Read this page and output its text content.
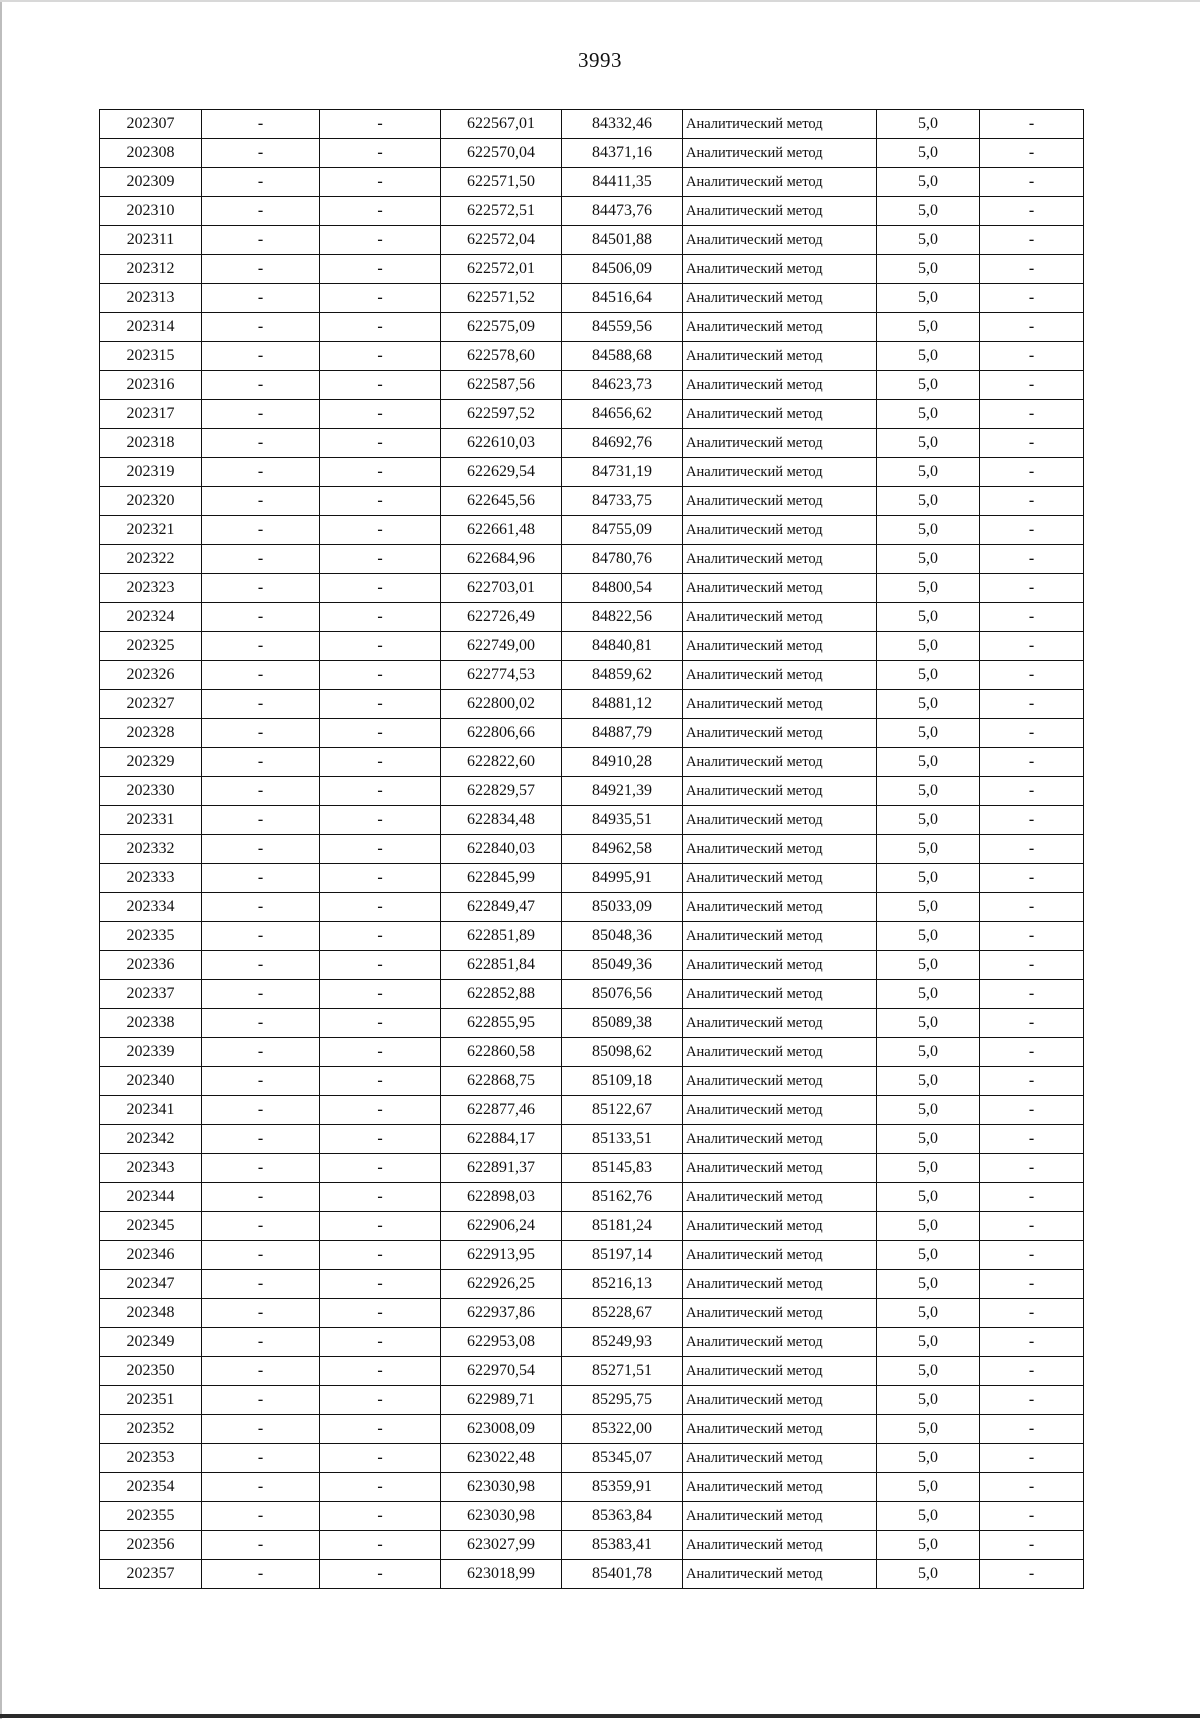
3993
202307	-	-	622567,01	84332,46	Аналитический метод	5,0	-
202308	-	-	622570,04	84371,16	Аналитический метод	5,0	-
202309	-	-	622571,50	84411,35	Аналитический метод	5,0	-
202310	-	-	622572,51	84473,76	Аналитический метод	5,0	-
202311	-	-	622572,04	84501,88	Аналитический метод	5,0	-
202312	-	-	622572,01	84506,09	Аналитический метод	5,0	-
202313	-	-	622571,52	84516,64	Аналитический метод	5,0	-
202314	-	-	622575,09	84559,56	Аналитический метод	5,0	-
202315	-	-	622578,60	84588,68	Аналитический метод	5,0	-
202316	-	-	622587,56	84623,73	Аналитический метод	5,0	-
202317	-	-	622597,52	84656,62	Аналитический метод	5,0	-
202318	-	-	622610,03	84692,76	Аналитический метод	5,0	-
202319	-	-	622629,54	84731,19	Аналитический метод	5,0	-
202320	-	-	622645,56	84733,75	Аналитический метод	5,0	-
202321	-	-	622661,48	84755,09	Аналитический метод	5,0	-
202322	-	-	622684,96	84780,76	Аналитический метод	5,0	-
202323	-	-	622703,01	84800,54	Аналитический метод	5,0	-
202324	-	-	622726,49	84822,56	Аналитический метод	5,0	-
202325	-	-	622749,00	84840,81	Аналитический метод	5,0	-
202326	-	-	622774,53	84859,62	Аналитический метод	5,0	-
202327	-	-	622800,02	84881,12	Аналитический метод	5,0	-
202328	-	-	622806,66	84887,79	Аналитический метод	5,0	-
202329	-	-	622822,60	84910,28	Аналитический метод	5,0	-
202330	-	-	622829,57	84921,39	Аналитический метод	5,0	-
202331	-	-	622834,48	84935,51	Аналитический метод	5,0	-
202332	-	-	622840,03	84962,58	Аналитический метод	5,0	-
202333	-	-	622845,99	84995,91	Аналитический метод	5,0	-
202334	-	-	622849,47	85033,09	Аналитический метод	5,0	-
202335	-	-	622851,89	85048,36	Аналитический метод	5,0	-
202336	-	-	622851,84	85049,36	Аналитический метод	5,0	-
202337	-	-	622852,88	85076,56	Аналитический метод	5,0	-
202338	-	-	622855,95	85089,38	Аналитический метод	5,0	-
202339	-	-	622860,58	85098,62	Аналитический метод	5,0	-
202340	-	-	622868,75	85109,18	Аналитический метод	5,0	-
202341	-	-	622877,46	85122,67	Аналитический метод	5,0	-
202342	-	-	622884,17	85133,51	Аналитический метод	5,0	-
202343	-	-	622891,37	85145,83	Аналитический метод	5,0	-
202344	-	-	622898,03	85162,76	Аналитический метод	5,0	-
202345	-	-	622906,24	85181,24	Аналитический метод	5,0	-
202346	-	-	622913,95	85197,14	Аналитический метод	5,0	-
202347	-	-	622926,25	85216,13	Аналитический метод	5,0	-
202348	-	-	622937,86	85228,67	Аналитический метод	5,0	-
202349	-	-	622953,08	85249,93	Аналитический метод	5,0	-
202350	-	-	622970,54	85271,51	Аналитический метод	5,0	-
202351	-	-	622989,71	85295,75	Аналитический метод	5,0	-
202352	-	-	623008,09	85322,00	Аналитический метод	5,0	-
202353	-	-	623022,48	85345,07	Аналитический метод	5,0	-
202354	-	-	623030,98	85359,91	Аналитический метод	5,0	-
202355	-	-	623030,98	85363,84	Аналитический метод	5,0	-
202356	-	-	623027,99	85383,41	Аналитический метод	5,0	-
202357	-	-	623018,99	85401,78	Аналитический метод	5,0	-
